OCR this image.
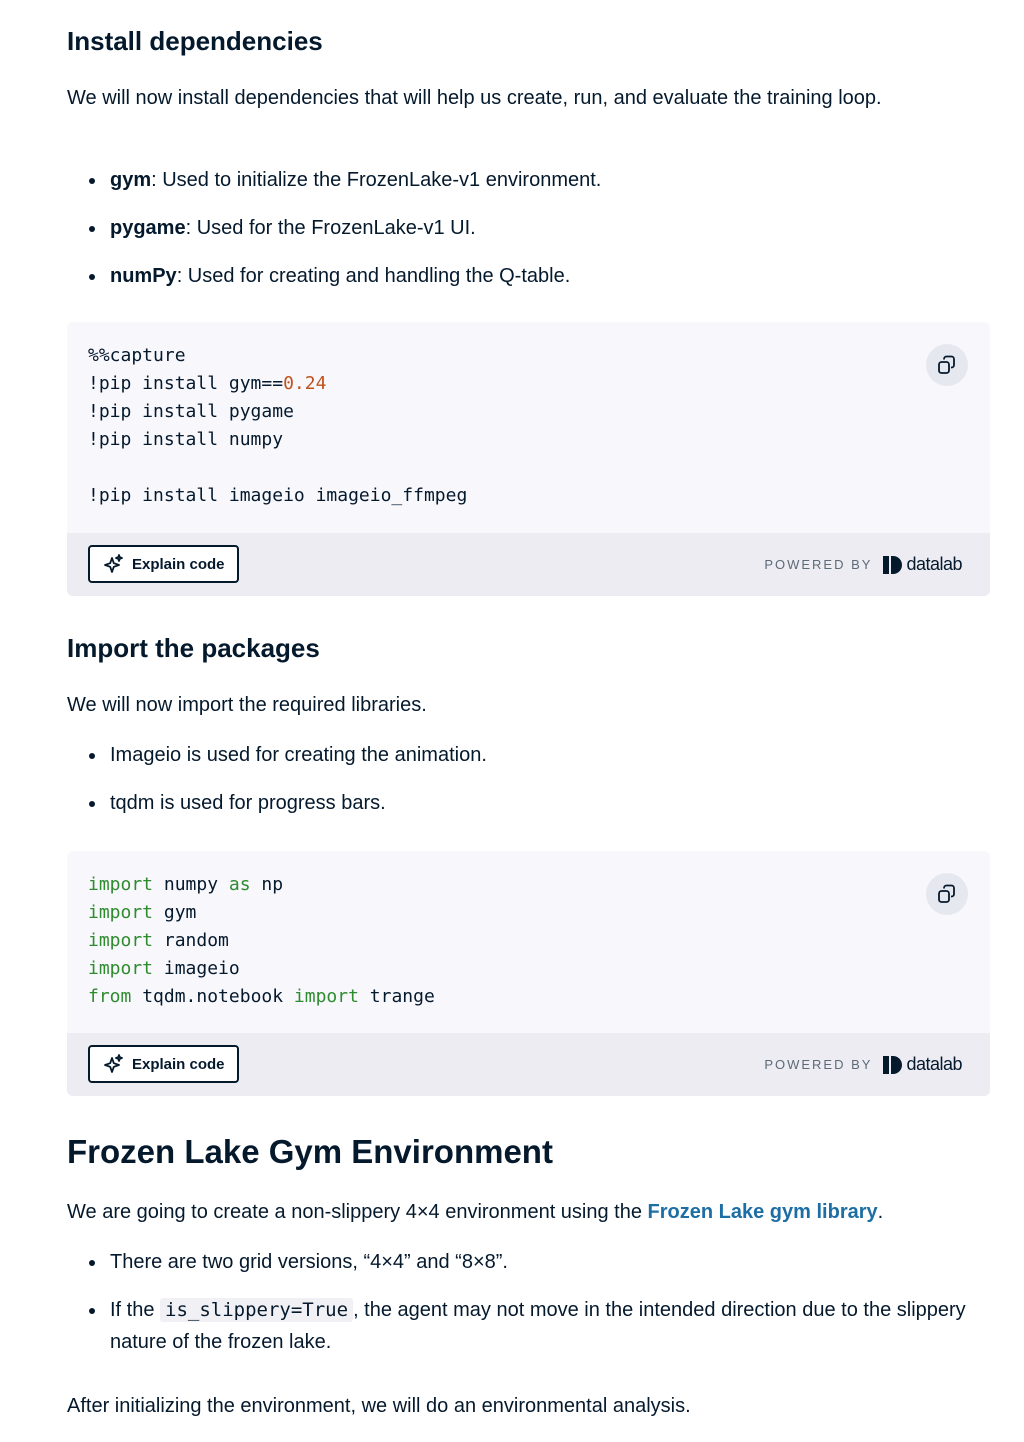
Install dependencies

We will now install dependencies that will help us create, run, and evaluate the training loop.

gym: Used to initialize the FrozenLake-v1 environment.
pygame: Used for the FrozenLake-v1 UI.
numPy: Used for creating and handling the Q-table.
%%capture
!pip install gym==0.24
!pip install pygame
!pip install numpy
!pip install imageio imageio_ffmpeg
Explain code	POWERED BY datalab
Import the packages

We will now import the required libraries.

Imageio is used for creating the animation.
tqdm is used for progress bars.
import numpy as np
import gym
import random
import imageio
from tqdm.notebook import trange
Explain code	POWERED BY datalab
Frozen Lake Gym Environment

We are going to create a non-slippery 4×4 environment using the Frozen Lake gym library.

There are two grid versions, “4×4” and “8×8”.
If the is_slippery=True , the agent may not move in the intended direction due to the slippery nature of the frozen lake.

After initializing the environment, we will do an environmental analysis.
